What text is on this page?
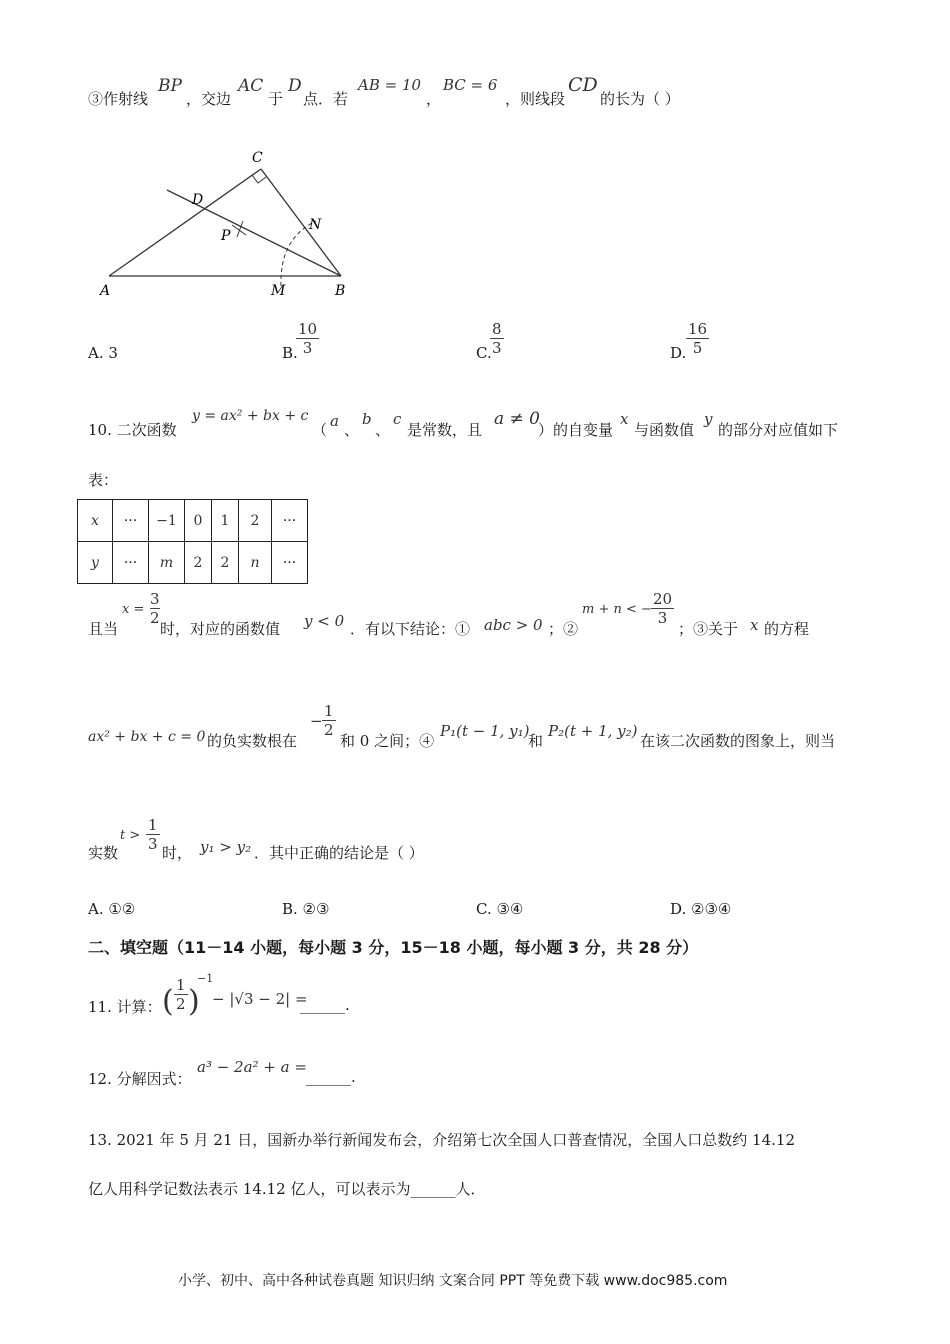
③作射线
BP
，交边
AC
于
D
点．若
AB = 10
，
BC = 6
，则线段
CD
的长为（ ）
C
D
P
N
A	M	B
A. 3	B.
$\frac{10}{3}$	C.
$\frac{8}{3}$	D. $\frac{16}{5}$
10. 二次函数
y = ax² + bx + c
（ a 、
b
、
c
是常数，且
a ≠ 0
）的自变量
x
与函数值
y
的部分对应值如下
表：
x	···	−1	0	1	2	···
y	···	m	2	2	n	···
且当
$x = \frac{3}{2}$
时，对应的函数值 y < 0 ．有以下结论：① abc > 0 ；②
m + n < − $\frac{20}{3}$
；③关于 x 的方程
ax² + bx + c = 0 的负实数根在
− $\frac{1}{2}$
和 0 之间；④
P₁(t − 1, y₁)
和
P₂(t + 1, y₂)
在该二次函数的图象上，则当
实数
$t > \frac{1}{3}$ 时， y₁ > y₂ ．其中正确的结论是（ ）
A. ①②	B. ②③	C. ③④	D. ②③④
二、填空题（11－14 小题，每小题 3 分，15－18 小题，每小题 3 分，共 28 分）
11. 计算： ( $\frac{1}{2}$ )
−1
− |√3 − 2| =
______.
12. 分解因式：
a³ − 2a² + a =
______.
13. 2021 年 5 月 21 日，国新办举行新闻发布会，介绍第七次全国人口普查情况，全国人口总数约 14.12
亿人用科学记数法表示 14.12 亿人，可以表示为______人．
小学、初中、高中各种试卷真题 知识归纳 文案合同 PPT 等免费下载 www.doc985.com
